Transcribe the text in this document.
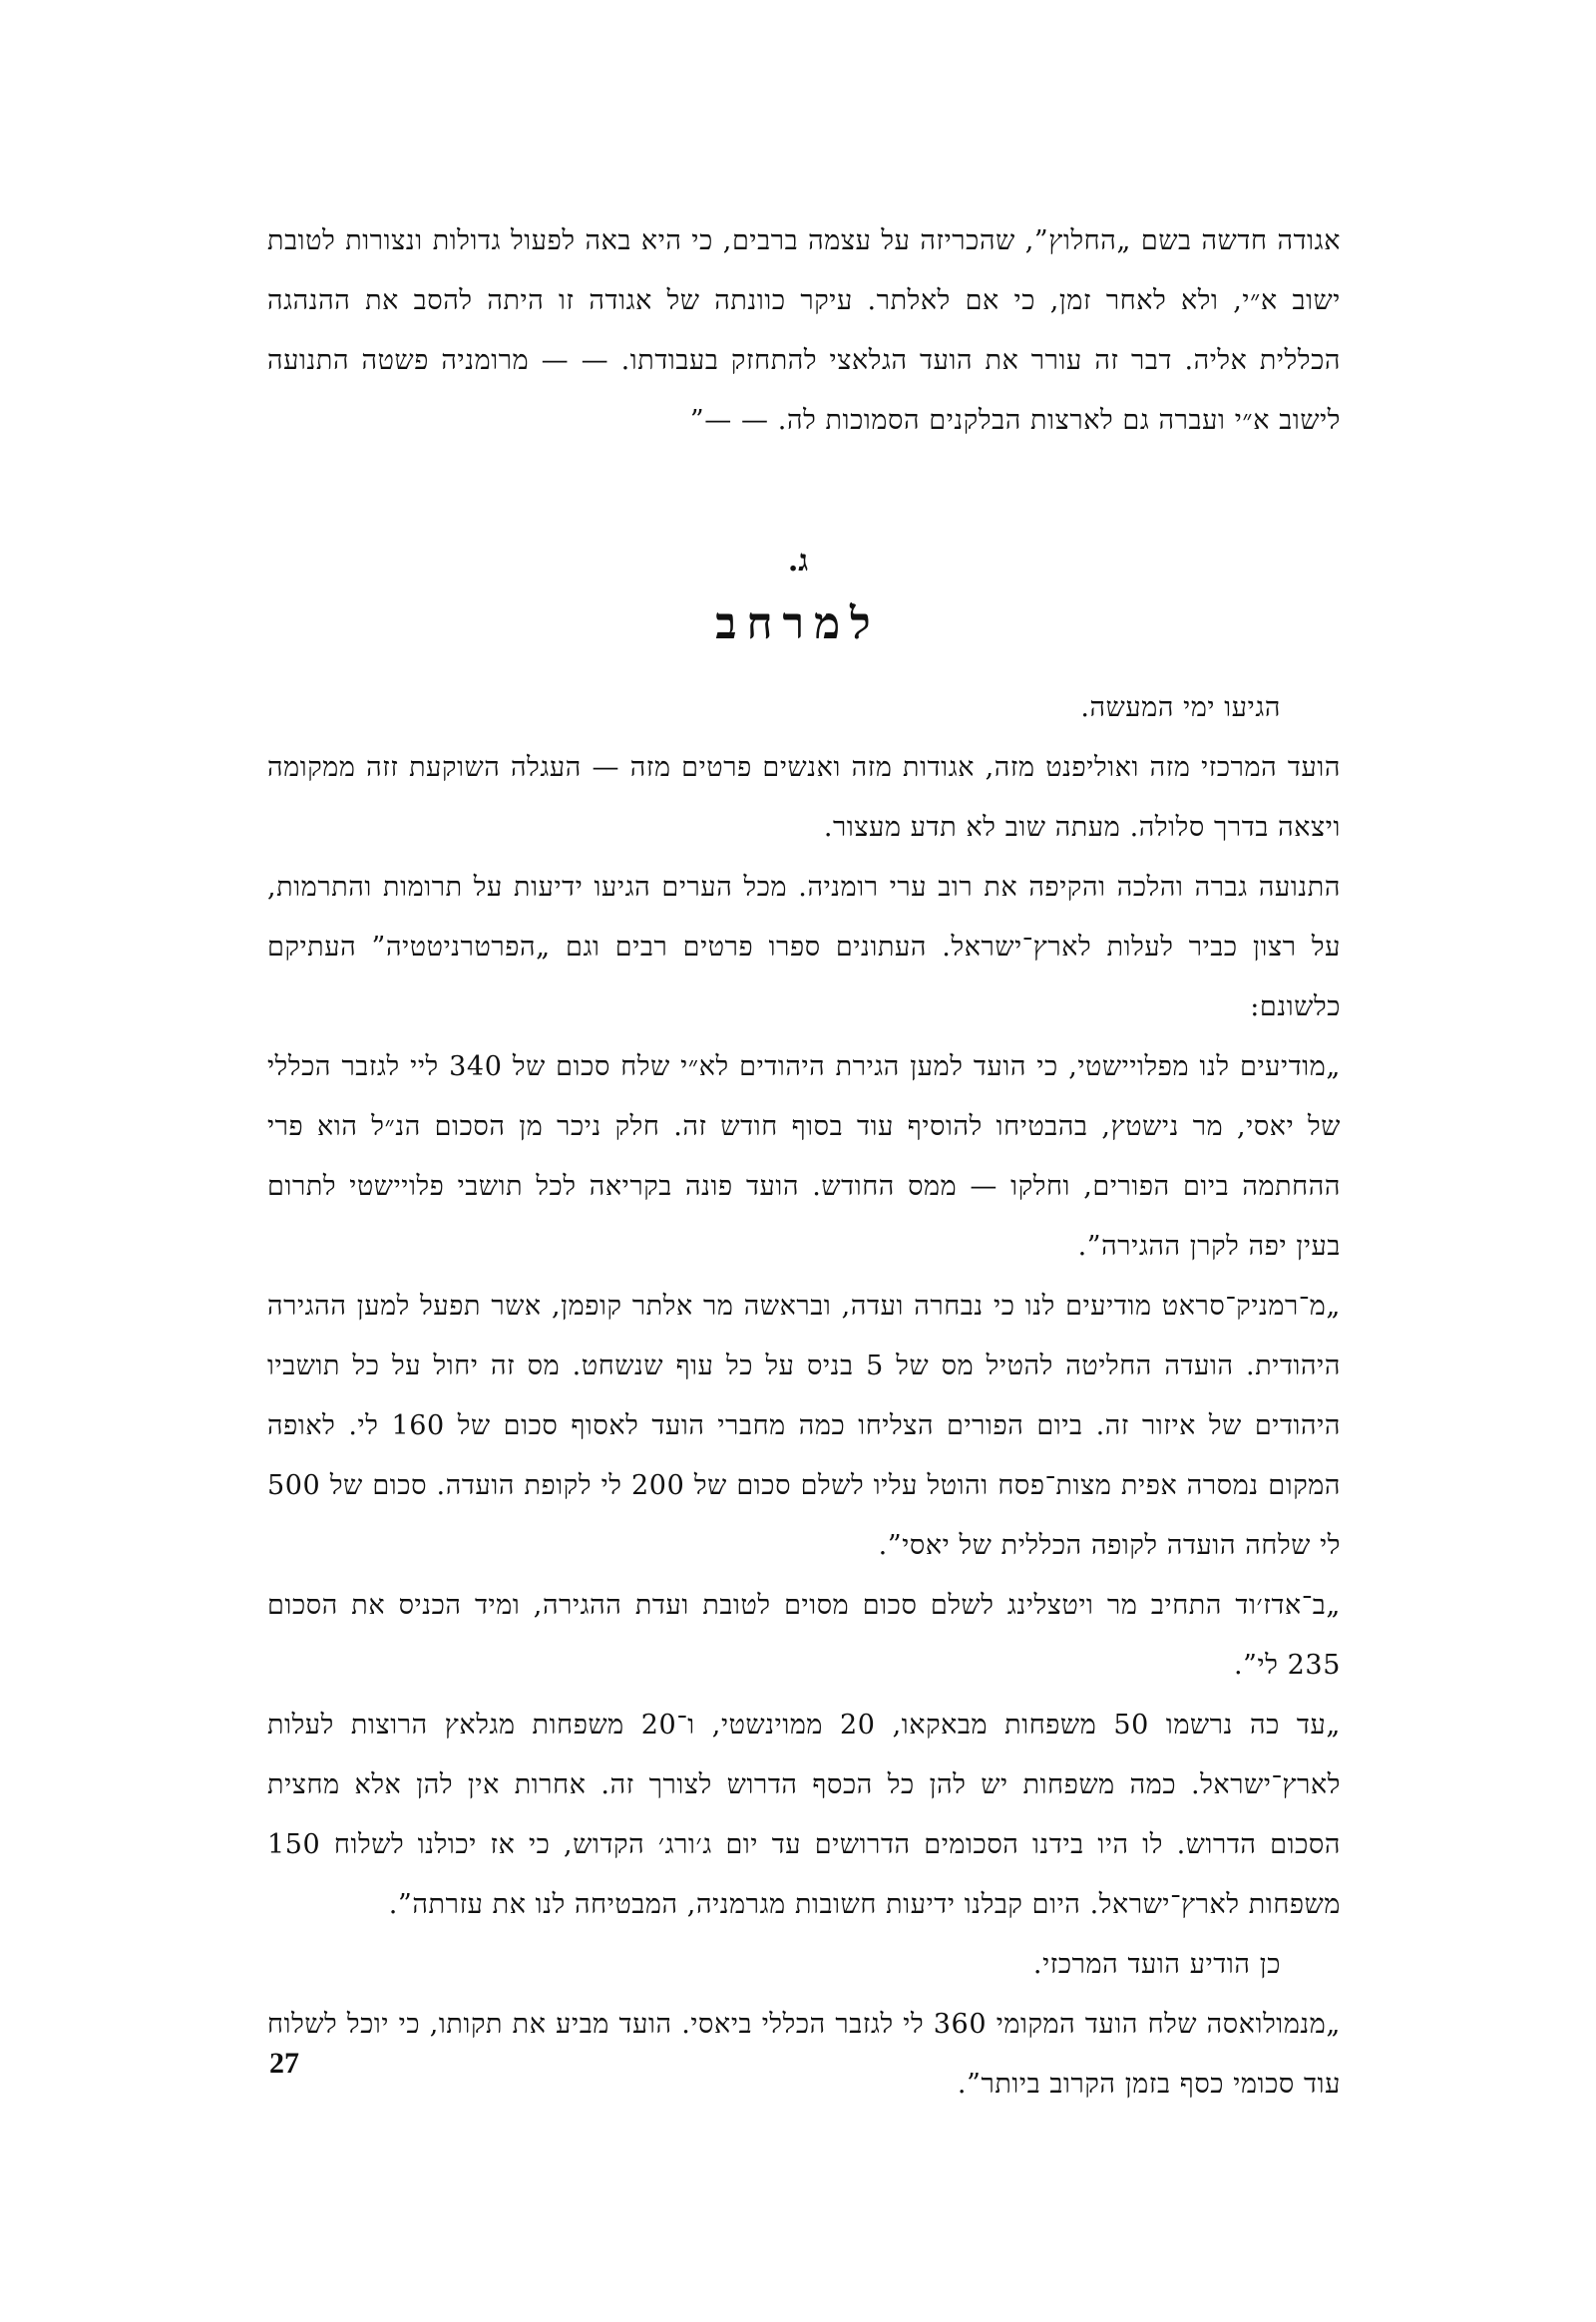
אגודה חדשה בשם „החלוץ”, שהכריזה על עצמה ברבים, כי היא באה לפעול גדולות ונצורות לטובת ישוב א״י, ולא לאחר זמן, כי אם לאלתר. עיקר כוונתה של אגודה זו היתה להסב את ההנהגה הכללית אליה. דבר זה עורר את הועד הגלאצי להתחזק בעבודתו. — — מרומניה פשטה התנועה לישוב א״י ועברה גם לארצות הבלקנים הסמוכות לה. — —”

ג.
למרחב

הגיעו ימי המעשה.

הועד המרכזי מזה ואוליפנט מזה, אגודות מזה ואנשים פרטים מזה — העגלה השוקעת זזה ממקומה ויצאה בדרך סלולה. מעתה שוב לא תדע מעצור.

התנועה גברה והלכה והקיפה את רוב ערי רומניה. מכל הערים הגיעו ידיעות על תרומות והתרמות, על רצון כביר לעלות לארץ־ישראל. העתונים ספרו פרטים רבים וגם „הפרטרניטטיה” העתיקם כלשונם:

„מודיעים לנו מפלויישטי, כי הועד למען הגירת היהודים לא״י שלח סכום של 340 ליי לגזבר הכללי של יאסי, מר נישטץ, בהבטיחו להוסיף עוד בסוף חודש זה. חלק ניכר מן הסכום הנ״ל הוא פרי ההחתמה ביום הפורים, וחלקו — ממס החודש. הועד פונה בקריאה לכל תושבי פלויישטי לתרום בעין יפה לקרן ההגירה”.

„מ־רמניק־סראט מודיעים לנו כי נבחרה ועדה, ובראשה מר אלתר קופמן, אשר תפעל למען ההגירה היהודית. הועדה החליטה להטיל מס של 5 בניס על כל עוף שנשחט. מס זה יחול על כל תושביו היהודים של איזור זה. ביום הפורים הצליחו כמה מחברי הועד לאסוף סכום של 160 לי. לאופה המקום נמסרה אפית מצות־פסח והוטל עליו לשלם סכום של 200 לי לקופת הועדה. סכום של 500 לי שלחה הועדה לקופה הכללית של יאסי”.

„ב־אדז׳וד התחיב מר ויטצלינג לשלם סכום מסוים לטובת ועדת ההגירה, ומיד הכניס את הסכום 235 לי”.

„עד כה נרשמו 50 משפחות מבאקאו, 20 ממוינשטי, ו־20 משפחות מגלאץ הרוצות לעלות לארץ־ישראל. כמה משפחות יש להן כל הכסף הדרוש לצורך זה. אחרות אין להן אלא מחצית הסכום הדרוש. לו היו בידנו הסכומים הדרושים עד יום ג׳ורג׳ הקדוש, כי אז יכולנו לשלוח 150 משפחות לארץ־ישראל. היום קבלנו ידיעות חשובות מגרמניה, המבטיחה לנו את עזרתה”.

כן הודיע הועד המרכזי.

„מנמולואסה שלח הועד המקומי 360 לי לגזבר הכללי ביאסי. הועד מביע את תקותו, כי יוכל לשלוח עוד סכומי כסף בזמן הקרוב ביותר”.

27
